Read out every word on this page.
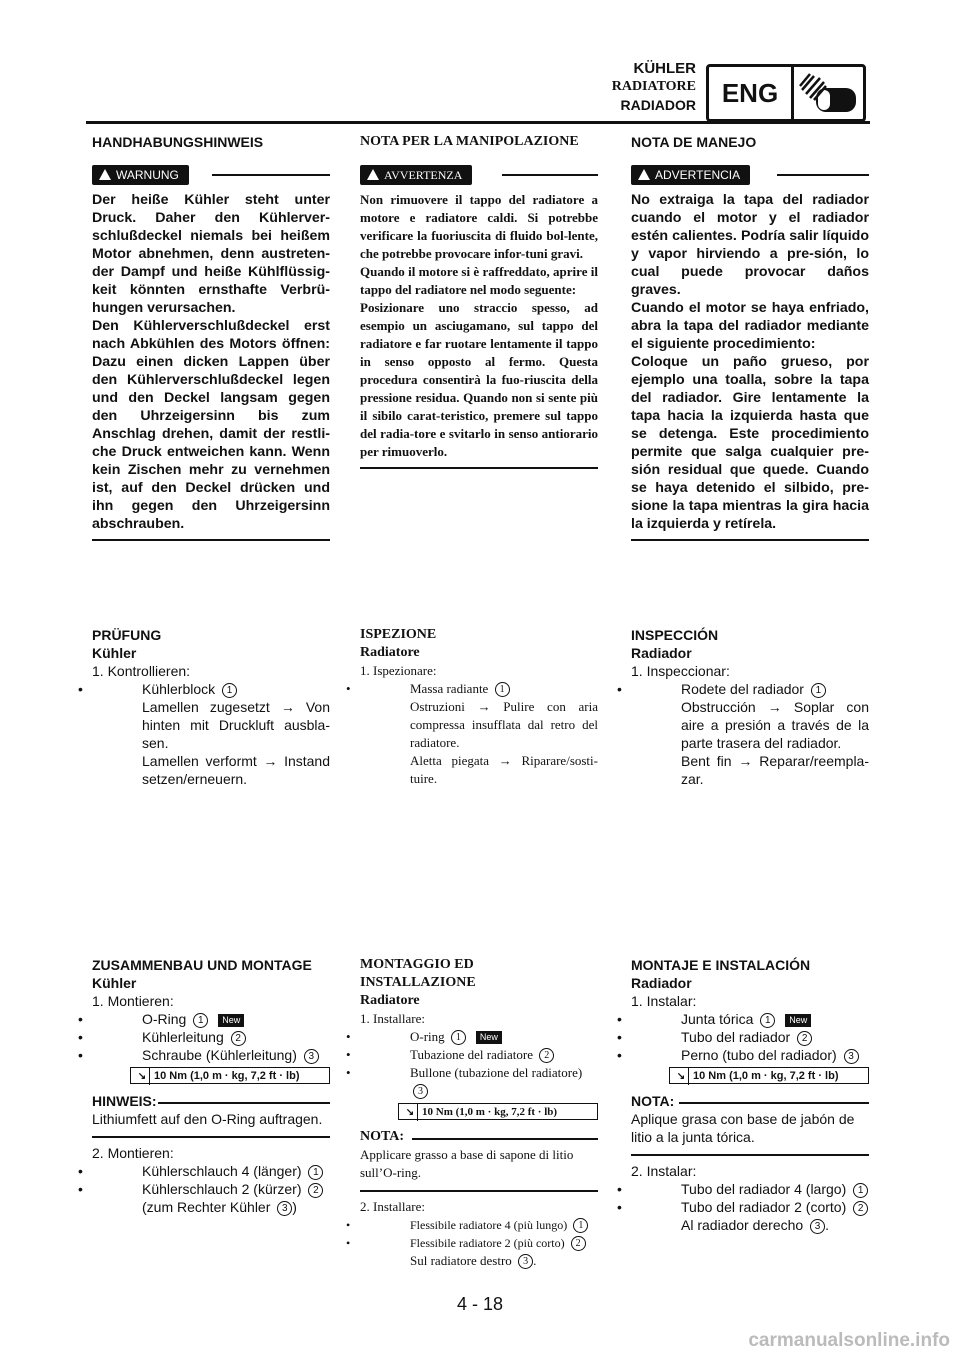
KÜHLER
RADIATORE
RADIADOR ENG
HANDHABUNGSHINWEIS
WARNUNG
Der heiße Kühler steht unter Druck. Daher den Kühlerver-schlußdeckel niemals bei heißem Motor abnehmen, denn austreten-der Dampf und heiße Kühlflüssig-keit könnten ernsthafte Verbrü-hungen verursachen.
Den Kühlerverschlußdeckel erst nach Abkühlen des Motors öffnen: Dazu einen dicken Lappen über den Kühlerverschlußdeckel legen und den Deckel langsam gegen den Uhrzeigersinn bis zum Anschlag drehen, damit der restli-che Druck entweichen kann. Wenn kein Zischen mehr zu vernehmen ist, auf den Deckel drücken und ihn gegen den Uhrzeigersinn abschrauben.
PRÜFUNG
Kühler
1. Kontrollieren:
• Kühlerblock 1
Lamellen zugesetzt → Von hinten mit Druckluft ausbla-sen.
Lamellen verformt → Instand setzen/erneuern.
ZUSAMMENBAU UND MONTAGE
Kühler
1. Montieren:
• O-Ring 1 New
• Kühlerleitung 2
• Schraube (Kühlerleitung) 3
↘ 10 Nm (1,0 m · kg, 7,2 ft · lb)
HINWEIS:
Lithiumfett auf den O-Ring auftragen.
2. Montieren:
• Kühlerschlauch 4 (länger) 1
• Kühlerschlauch 2 (kürzer) 2
(zum Rechter Kühler 3 )
NOTA PER LA MANIPOLAZIONE
AVVERTENZA
Non rimuovere il tappo del radiatore a motore e radiatore caldi. Si potrebbe verificare la fuoriuscita di fluido bol-lente, che potrebbe provocare infor-tuni gravi.
Quando il motore si è raffreddato, aprire il tappo del radiatore nel modo seguente:
Posizionare uno straccio spesso, ad esempio un asciugamano, sul tappo del radiatore e far ruotare lentamente il tappo in senso opposto al fermo. Questa procedura consentirà la fuo-riuscita della pressione residua. Quando non si sente più il sibilo carat-teristico, premere sul tappo del radia-tore e svitarlo in senso antiorario per rimuoverlo.
ISPEZIONE
Radiatore
1. Ispezionare:
• Massa radiante 1
Ostruzioni → Pulire con aria compressa insufflata dal retro del radiatore.
Aletta piegata → Riparare/sosti-tuire.
MONTAGGIO ED INSTALLAZIONE
Radiatore
1. Installare:
• O-ring 1 New
• Tubazione del radiatore 2
• Bullone (tubazione del radiatore) 3
↘ 10 Nm (1,0 m · kg, 7,2 ft · lb)
NOTA:
Applicare grasso a base di sapone di litio sull’O-ring.
2. Installare:
• Flessibile radiatore 4 (più lungo) 1
• Flessibile radiatore 2 (più corto) 2
Sul radiatore destro 3 .
NOTA DE MANEJO
ADVERTENCIA
No extraiga la tapa del radiador cuando el motor y el radiador estén calientes. Podría salir líquido y vapor hirviendo a pre-sión, lo cual puede provocar daños graves.
Cuando el motor se haya enfriado, abra la tapa del radiador mediante el siguiente procedimiento:
Coloque un paño grueso, por ejemplo una toalla, sobre la tapa del radiador. Gire lentamente la tapa hacia la izquierda hasta que se detenga. Este procedimiento permite que salga cualquier pre-sión residual que quede. Cuando se haya detenido el silbido, pre-sione la tapa mientras la gira hacia la izquierda y retírela.
INSPECCIÓN
Radiador
1. Inspeccionar:
• Rodete del radiador 1
Obstrucción → Soplar con aire a presión a través de la parte trasera del radiador.
Bent fin → Reparar/reempla-zar.
MONTAJE E INSTALACIÓN
Radiador
1. Instalar:
• Junta tórica 1 New
• Tubo del radiador 2
• Perno (tubo del radiador) 3
↘ 10 Nm (1,0 m · kg, 7,2 ft · lb)
NOTA:
Aplique grasa con base de jabón de litio a la junta tórica.
2. Instalar:
• Tubo del radiador 4 (largo) 1
• Tubo del radiador 2 (corto) 2
Al radiador derecho 3 .
4 - 18
carmanualsonline.info
